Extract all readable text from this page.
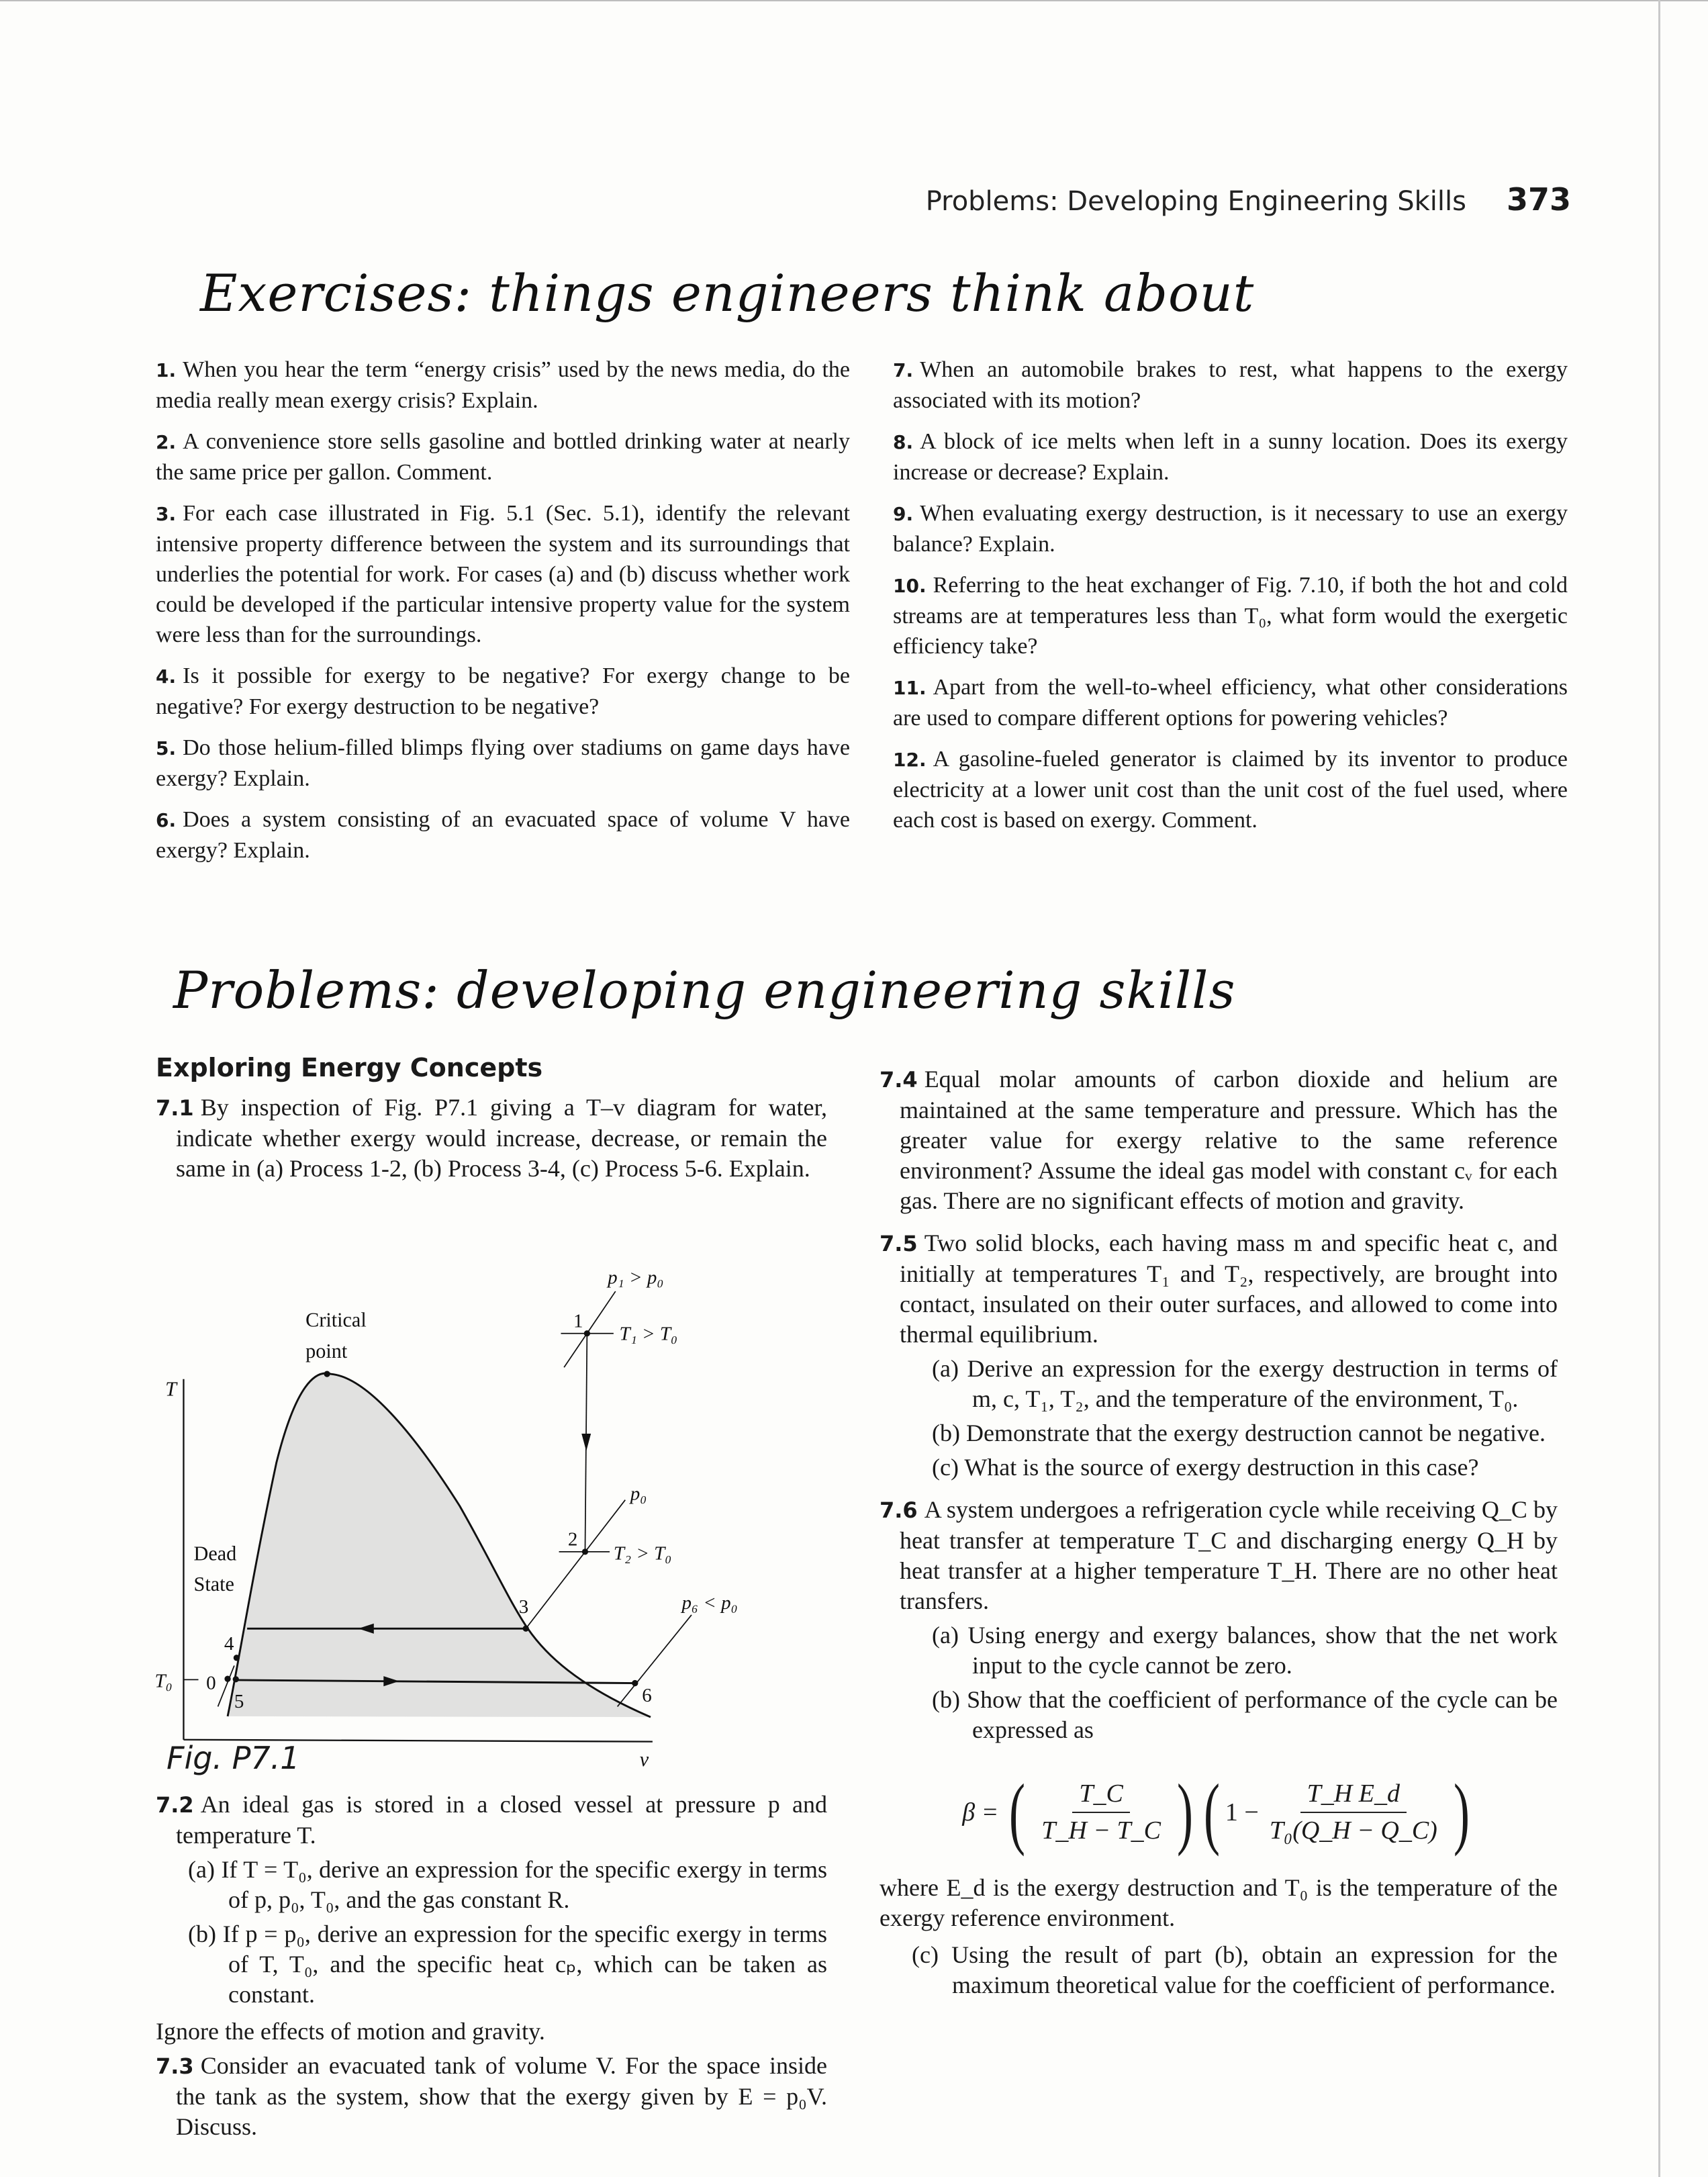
Problems: Developing Engineering Skills 373
Exercises: things engineers think about
1. When you hear the term “energy crisis” used by the news media, do the media really mean exergy crisis? Explain.
2. A convenience store sells gasoline and bottled drinking water at nearly the same price per gallon. Comment.
3. For each case illustrated in Fig. 5.1 (Sec. 5.1), identify the relevant intensive property difference between the system and its surroundings that underlies the potential for work. For cases (a) and (b) discuss whether work could be developed if the particular intensive property value for the system were less than for the surroundings.
4. Is it possible for exergy to be negative? For exergy change to be negative? For exergy destruction to be negative?
5. Do those helium-filled blimps flying over stadiums on game days have exergy? Explain.
6. Does a system consisting of an evacuated space of volume V have exergy? Explain.
7. When an automobile brakes to rest, what happens to the exergy associated with its motion?
8. A block of ice melts when left in a sunny location. Does its exergy increase or decrease? Explain.
9. When evaluating exergy destruction, is it necessary to use an exergy balance? Explain.
10. Referring to the heat exchanger of Fig. 7.10, if both the hot and cold streams are at temperatures less than T₀, what form would the exergetic efficiency take?
11. Apart from the well-to-wheel efficiency, what other considerations are used to compare different options for powering vehicles?
12. A gasoline-fueled generator is claimed by its inventor to produce electricity at a lower unit cost than the unit cost of the fuel used, where each cost is based on exergy. Comment.
Problems: developing engineering skills
Exploring Energy Concepts
7.1 By inspection of Fig. P7.1 giving a T–v diagram for water, indicate whether exergy would increase, decrease, or remain the same in (a) Process 1-2, (b) Process 3-4, (c) Process 5-6. Explain.
T
v
T₀
Critical
point
Dead
State
0
1
2
3
4
5	6
p₁ > p₀
T₁ > T₀
p₀
T₂ > T₀
p₆ < p₀
Fig. P7.1
7.2 An ideal gas is stored in a closed vessel at pressure p and temperature T.
(a) If T = T₀, derive an expression for the specific exergy in terms of p, p₀, T₀, and the gas constant R.
(b) If p = p₀, derive an expression for the specific exergy in terms of T, T₀, and the specific heat cₚ, which can be taken as constant.
Ignore the effects of motion and gravity.
7.3 Consider an evacuated tank of volume V. For the space inside the tank as the system, show that the exergy given by E = p₀V. Discuss.
7.4 Equal molar amounts of carbon dioxide and helium are maintained at the same temperature and pressure. Which has the greater value for exergy relative to the same reference environment? Assume the ideal gas model with constant cᵥ for each gas. There are no significant effects of motion and gravity.
7.5 Two solid blocks, each having mass m and specific heat c, and initially at temperatures T₁ and T₂, respectively, are brought into contact, insulated on their outer surfaces, and allowed to come into thermal equilibrium.
(a) Derive an expression for the exergy destruction in terms of m, c, T₁, T₂, and the temperature of the environment, T₀.
(b) Demonstrate that the exergy destruction cannot be negative.
(c) What is the source of exergy destruction in this case?
7.6 A system undergoes a refrigeration cycle while receiving Q_C by heat transfer at temperature T_C and discharging energy Q_H by heat transfer at a higher temperature T_H. There are no other heat transfers.
(a) Using energy and exergy balances, show that the net work input to the cycle cannot be zero.
(b) Show that the coefficient of performance of the cycle can be expressed as
β = ( $\frac{T\_C}{T\_H - T\_C}$ ) ( $1 - \frac{\text{T\_H E\_d}}{\text{T₀(Q\_H − Q\_C)}}$ )
where E_d is the exergy destruction and T₀ is the temperature of the exergy reference environment.
(c) Using the result of part (b), obtain an expression for the maximum theoretical value for the coefficient of performance.
